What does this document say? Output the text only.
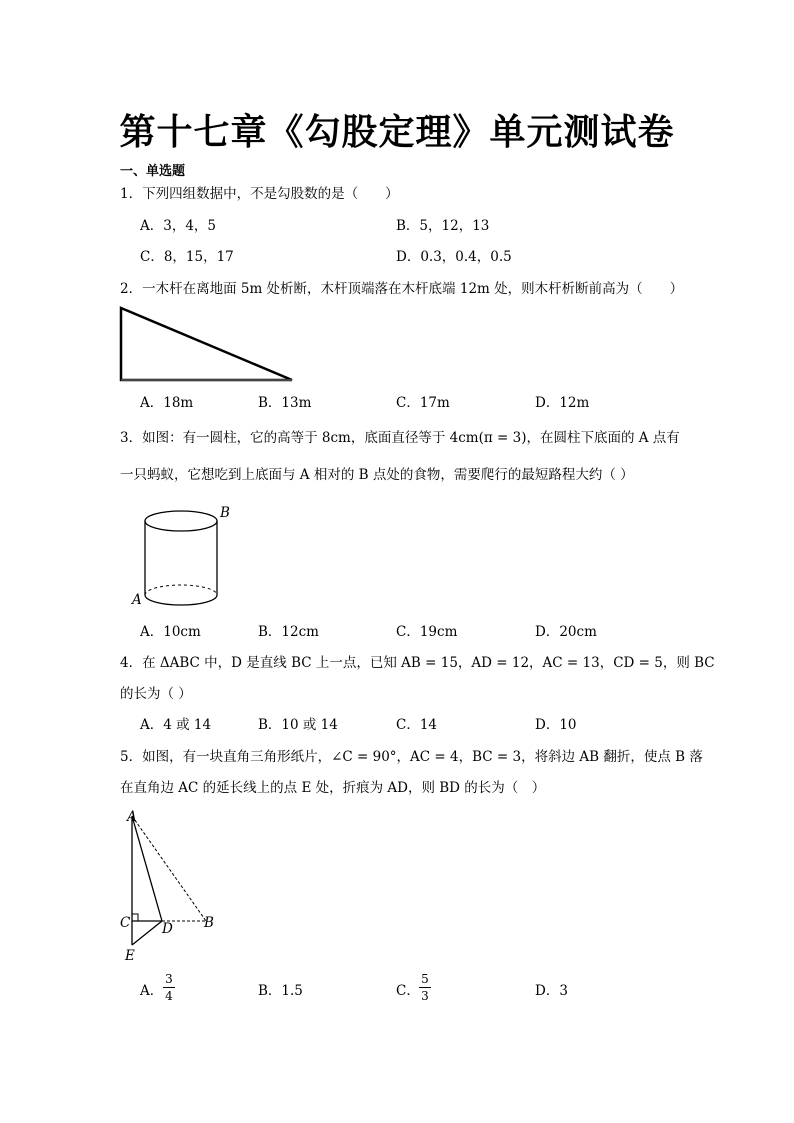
第十七章《勾股定理》单元测试卷
一、单选题
1．下列四组数据中，不是勾股数的是（　　）
A．3，4，5	B．5，12，13
C．8，15，17	D．0.3，0.4，0.5
2．一木杆在离地面 5m 处析断，木杆顶端落在木杆底端 12m 处，则木杆析断前高为（　　）
A．18m	B．13m	C．17m	D．12m
3．如图：有一圆柱，它的高等于 8cm，底面直径等于 4cm(π = 3)，在圆柱下底面的 A 点有
一只蚂蚁，它想吃到上底面与 A 相对的 B 点处的食物，需要爬行的最短路程大约（ ）
B
A
A．10cm	B．12cm	C．19cm	D．20cm
4．在 ΔABC 中，D 是直线 BC 上一点，已知 AB = 15，AD = 12，AC = 13，CD = 5，则 BC
的长为（ ）
A．4 或 14	B．10 或 14	C．14	D．10
5．如图，有一块直角三角形纸片，∠C = 90°，AC = 4，BC = 3，将斜边 AB 翻折，使点 B 落
在直角边 AC 的延长线上的点 E 处，折痕为 AD，则 BD 的长为（　）
A
C D B
E
A．
3
4	B．1.5	C．
5
3	D．3
